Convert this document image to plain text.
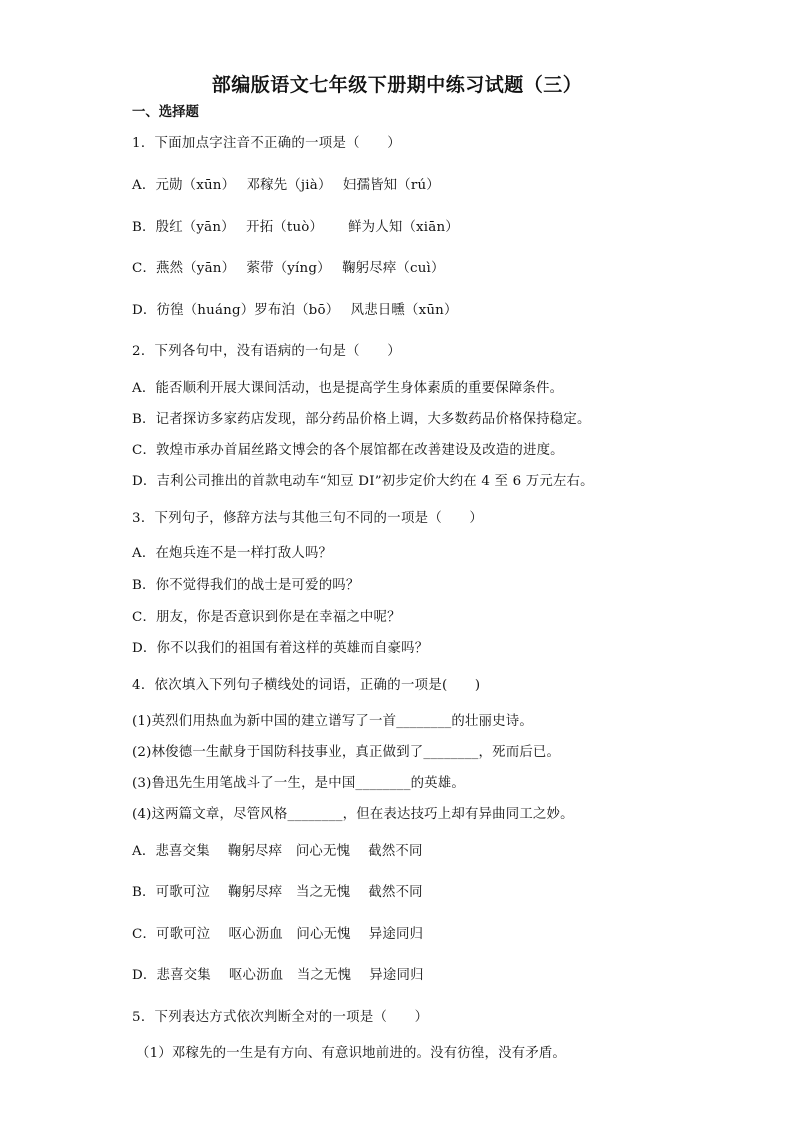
部编版语文七年级下册期中练习试题（三）
一、选择题
1．下面加点字注音不正确的一项是（　　）
A．元勋（xūn）　 邓稼先（jià）　 妇孺皆知（rú）
B．殷红（yān）　 开拓（tuò）　　 鲜为人知（xiān）
C．燕然（yān）　 萦带（yíng）　 鞠躬尽瘁（cuì）
D．彷徨（huáng）罗布泊（bō）　 风悲日曛（xūn）
2．下列各句中，没有语病的一句是（　　）
A．能否顺利开展大课间活动，也是提高学生身体素质的重要保障条件。
B．记者探访多家药店发现，部分药品价格上调，大多数药品价格保持稳定。
C．敦煌市承办首届丝路文博会的各个展馆都在改善建设及改造的进度。
D．吉利公司推出的首款电动车“知豆 DI”初步定价大约在 4 至 6 万元左右。
3．下列句子，修辞方法与其他三句不同的一项是（　　）
A．在炮兵连不是一样打敌人吗？
B．你不觉得我们的战士是可爱的吗？
C．朋友，你是否意识到你是在幸福之中呢？
D．你不以我们的祖国有着这样的英雄而自豪吗？
4．依次填入下列句子横线处的词语，正确的一项是(　　)
(1)英烈们用热血为新中国的建立谱写了一首________的壮丽史诗。
(2)林俊德一生献身于国防科技事业，真正做到了________，死而后已。
(3)鲁迅先生用笔战斗了一生，是中国________的英雄。
(4)这两篇文章，尽管风格________，但在表达技巧上却有异曲同工之妙。
A．悲喜交集　 鞠躬尽瘁　问心无愧　 截然不同
B．可歌可泣　 鞠躬尽瘁　当之无愧　 截然不同
C．可歌可泣　 呕心沥血　问心无愧　 异途同归
D．悲喜交集　 呕心沥血　当之无愧　 异途同归
5．下列表达方式依次判断全对的一项是（　　）
（1）邓稼先的一生是有方向、有意识地前进的。没有彷徨，没有矛盾。
